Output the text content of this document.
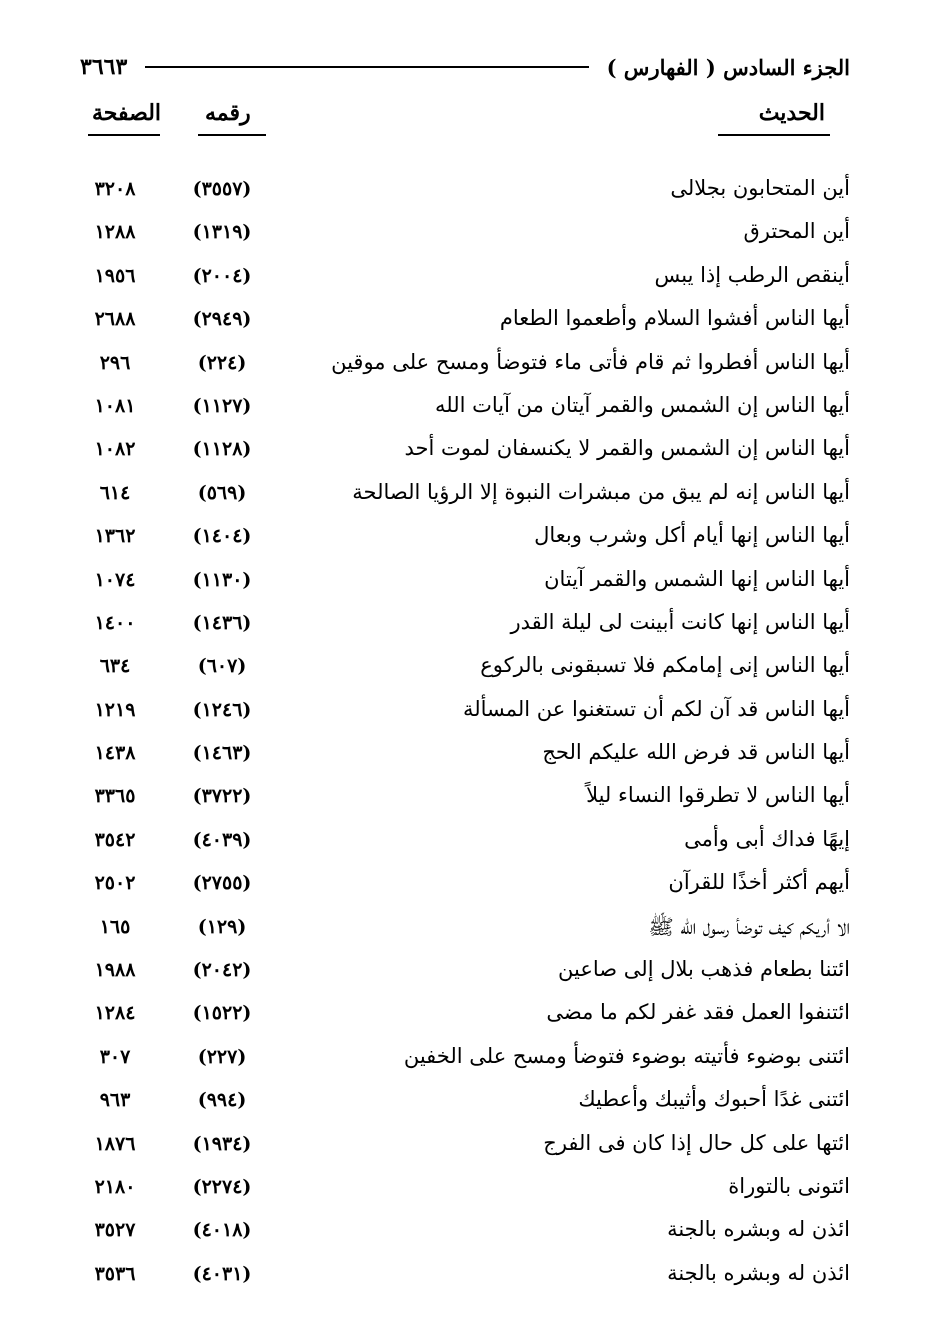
الجزء السادس ( الفهارس )
٣٦٦٣
الحديث
رقمه
الصفحة
أين المتحابون بجلالى
(٣٥٥٧)
٣٢٠٨
أين المحترق
(١٣١٩)
١٢٨٨
أينقص الرطب إذا يبس
(٢٠٠٤)
١٩٥٦
أيها الناس أفشوا السلام وأطعموا الطعام
(٢٩٤٩)
٢٦٨٨
أيها الناس أفطروا ثم قام فأتى ماء فتوضأ ومسح على موقين
(٢٢٤)
٢٩٦
أيها الناس إن الشمس والقمر آيتان من آيات الله
(١١٢٧)
١٠٨١
أيها الناس إن الشمس والقمر لا يكنسفان لموت أحد
(١١٢٨)
١٠٨٢
أيها الناس إنه لم يبق من مبشرات النبوة إلا الرؤيا الصالحة
(٥٦٩)
٦١٤
أيها الناس إنها أيام أكل وشرب وبعال
(١٤٠٤)
١٣٦٢
أيها الناس إنها الشمس والقمر آيتان
(١١٣٠)
١٠٧٤
أيها الناس إنها كانت أبينت لى ليلة القدر
(١٤٣٦)
١٤٠٠
أيها الناس إنى إمامكم فلا تسبقونى بالركوع
(٦٠٧)
٦٣٤
أيها الناس قد آن لكم أن تستغنوا عن المسألة
(١٢٤٦)
١٢١٩
أيها الناس قد فرض الله عليكم الحج
(١٤٦٣)
١٤٣٨
أيها الناس لا تطرقوا النساء ليلاً
(٣٧٢٢)
٣٣٦٥
إيهًا فداك أبى وأمى
(٤٠٣٩)
٣٥٤٢
أيهم أكثر أخذًا للقرآن
(٢٧٥٥)
٢٥٠٢
الا أريكم كيف توضأ رسول الله ﷺ
(١٢٩)
١٦٥
ائتنا بطعام فذهب بلال إلى صاعين
(٢٠٤٢)
١٩٨٨
ائتنفوا العمل فقد غفر لكم ما مضى
(١٥٢٢)
١٢٨٤
ائتنى بوضوء فأتيته بوضوء فتوضأ ومسح على الخفين
(٢٢٧)
٣٠٧
ائتنى غدًا أحبوك وأثيبك وأعطيك
(٩٩٤)
٩٦٣
ائتها على كل حال إذا كان فى الفرج
(١٩٣٤)
١٨٧٦
ائتونى بالتوراة
(٢٢٧٤)
٢١٨٠
ائذن له وبشره بالجنة
(٤٠١٨)
٣٥٢٧
ائذن له وبشره بالجنة
(٤٠٣١)
٣٥٣٦
